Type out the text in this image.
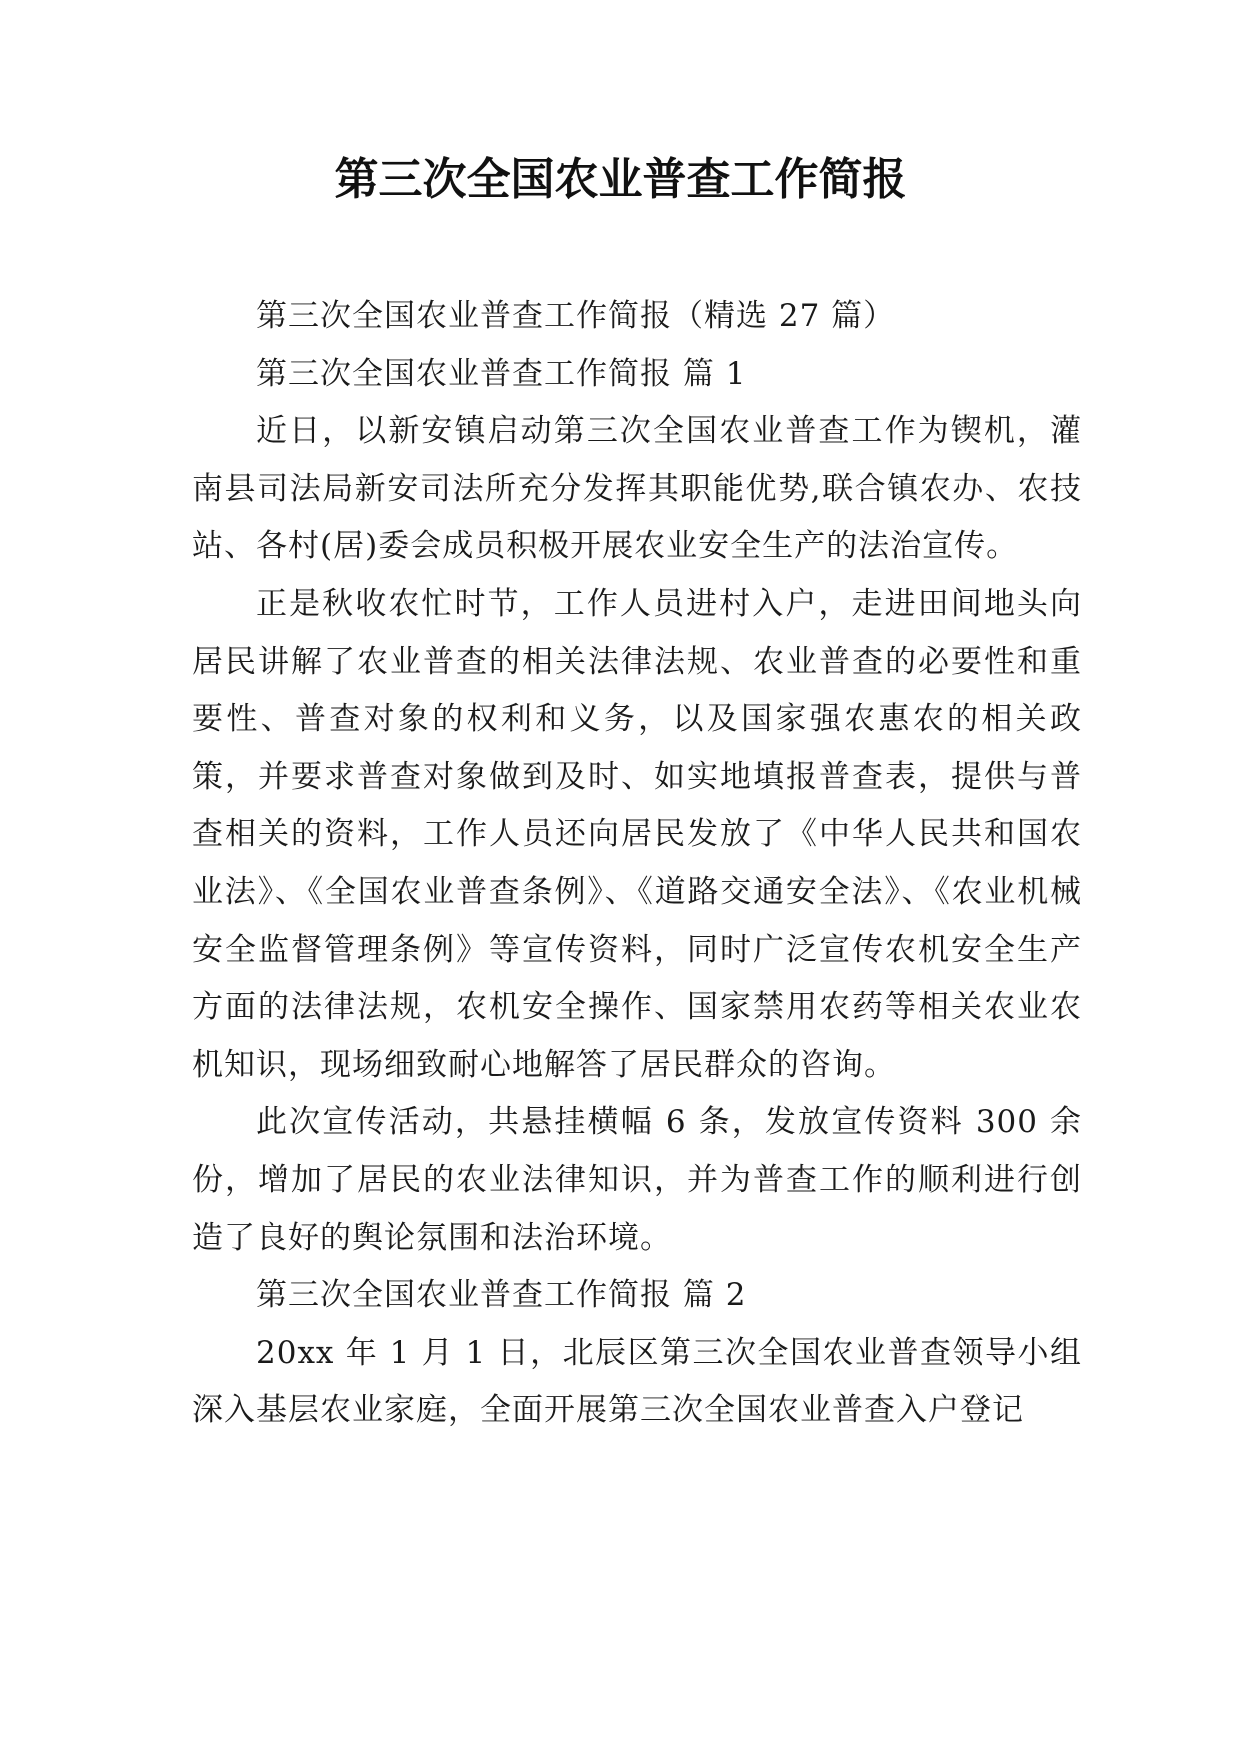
第三次全国农业普查工作简报

第三次全国农业普查工作简报（精选 27 篇）

第三次全国农业普查工作简报 篇 1

近日，以新安镇启动第三次全国农业普查工作为锲机，灌南县司法局新安司法所充分发挥其职能优势,联合镇农办、农技站、各村(居)委会成员积极开展农业安全生产的法治宣传。

正是秋收农忙时节，工作人员进村入户，走进田间地头向居民讲解了农业普查的相关法律法规、农业普查的必要性和重要性、普查对象的权利和义务，以及国家强农惠农的相关政策，并要求普查对象做到及时、如实地填报普查表，提供与普查相关的资料，工作人员还向居民发放了《中华人民共和国农业法》、《全国农业普查条例》、《道路交通安全法》、《农业机械安全监督管理条例》等宣传资料，同时广泛宣传农机安全生产方面的法律法规，农机安全操作、国家禁用农药等相关农业农机知识，现场细致耐心地解答了居民群众的咨询。

此次宣传活动，共悬挂横幅 6 条，发放宣传资料 300 余份，增加了居民的农业法律知识，并为普查工作的顺利进行创造了良好的舆论氛围和法治环境。

第三次全国农业普查工作简报 篇 2

20xx 年 1 月 1 日，北辰区第三次全国农业普查领导小组深入基层农业家庭，全面开展第三次全国农业普查入户登记
